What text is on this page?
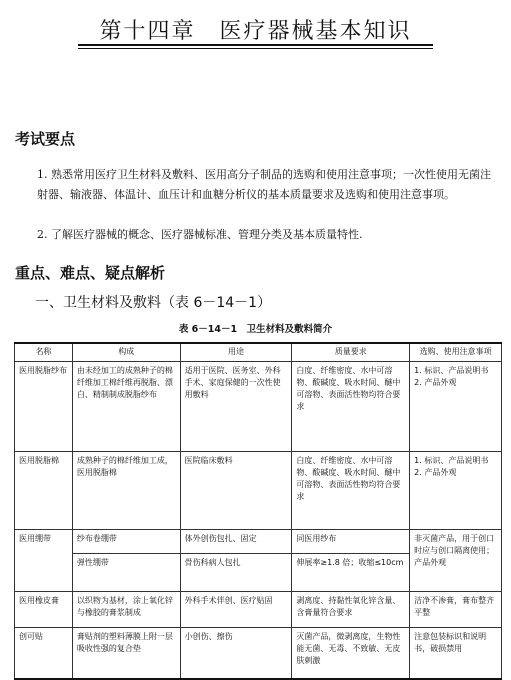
第十四章　医疗器械基本知识
考试要点
1. 熟悉常用医疗卫生材料及敷料、医用高分子制品的选购和使用注意事项；一次性使用无菌注射器、输液器、体温计、血压计和血糖分析仪的基本质量要求及选购和使用注意事项。
2. 了解医疗器械的概念、医疗器械标准、管理分类及基本质量特性.
重点、难点、疑点解析
一、卫生材料及敷料（表 6－14－1）
表 6－14－1　卫生材料及敷料简介
名称	构成	用途	质量要求	选购、使用注意事项
医用脱脂纱布	由未经加工的成熟种子的棉纤维加工棉纤维再脱脂、漂白、精制制成脱脂纱布	适用于医院、医务室、外科手术、家庭保健的一次性使用敷料	白度、纤维密度、水中可溶物、酸碱度、吸水时间、醚中可溶物、表面活性物均符合要求	1. 标识、产品说明书
2. 产品外观
医用脱脂棉	成熟种子的棉纤维加工成，医用脱脂棉	医院临床敷料	白度、纤维密度、水中可溶物、酸碱度、吸水时间、醚中可溶物、表面活性物均符合要求	1. 标识、产品说明书
2. 产品外观
医用绷带	纱布卷绷带	体外创伤包扎、固定	同医用纱布	非灭菌产品，用于创口时应与创口隔离使用；产品外观
	弹性绷带	骨伤科病人包扎	伸展率≥1.8 倍；收缩≤10cm	
医用橡皮膏	以织物为基材，涂上氧化锌与橡胶的膏浆制成	外科手术伴创、医疗贴固	剥离度、持黏性氧化锌含量、含膏量符合要求	洁净不渗膏，膏布整齐平整
创可贴	膏贴剂的塑料薄膜上附一层吸收性强的复合垫	小创伤、擦伤	灭菌产品，微剥离度，生物性能无菌、无毒、不致敏、无皮肤刺激	注意包装标识和说明书，破损禁用
